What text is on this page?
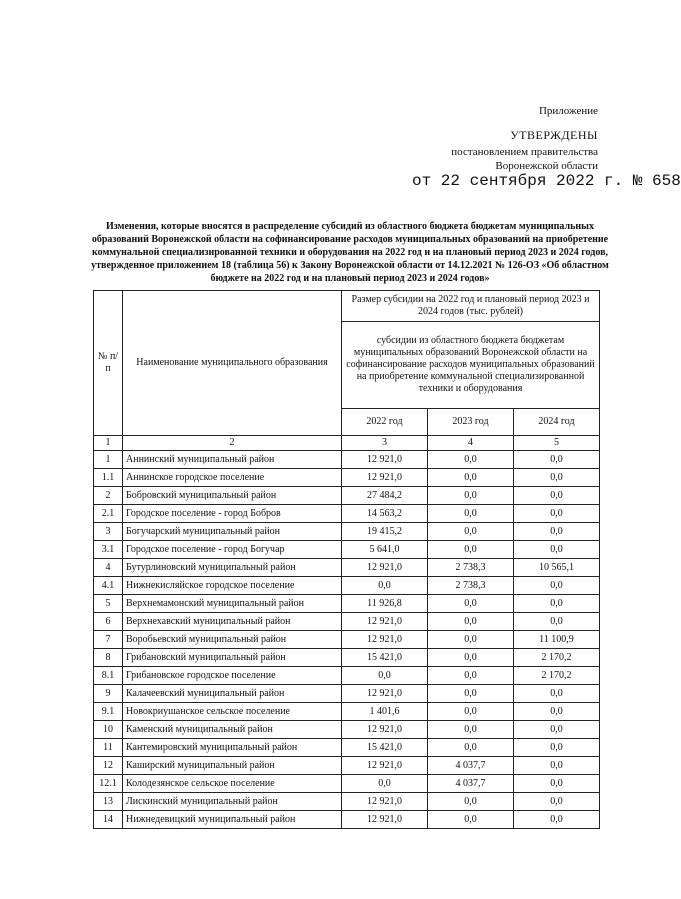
Приложение
УТВЕРЖДЕНЫ
постановлением правительства
Воронежской области
от 22 сентября 2022 г. № 658

Изменения, которые вносятся в распределение субсидий из областного бюджета бюджетам муниципальных образований Воронежской области на софинансирование расходов муниципальных образований на приобретение коммунальной специализированной техники и оборудования на 2022 год и на плановый период 2023 и 2024 годов, утвержденное приложением 18 (таблица 56) к Закону Воронежской области от 14.12.2021 № 126-ОЗ «Об областном бюджете на 2022 год и на плановый период 2023 и 2024 годов»

№ п/п	Наименование муниципального образования	Размер субсидии на 2022 год и плановый период 2023 и 2024 годов (тыс. рублей)		
		субсидии из областного бюджета бюджетам муниципальных образований Воронежской области на софинансирование расходов муниципальных образований на приобретение коммунальной специализированной техники и оборудования		
		2022 год	2023 год	2024 год
1	2	3	4	5
1	Аннинский муниципальный район	12 921,0	0,0	0,0
1.1	Аннинское городское поселение	12 921,0	0,0	0,0
2	Бобровский муниципальный район	27 484,2	0,0	0,0
2.1	Городское поселение - город Бобров	14 563,2	0,0	0,0
3	Богучарский муниципальный район	19 415,2	0,0	0,0
3.1	Городское поселение - город Богучар	5 641,0	0,0	0,0
4	Бутурлиновский муниципальный район	12 921,0	2 738,3	10 565,1
4.1	Нижнекисляйское городское поселение	0,0	2 738,3	0,0
5	Верхнемамонский муниципальный район	11 926,8	0,0	0,0
6	Верхнехавский муниципальный район	12 921,0	0,0	0,0
7	Воробьевский муниципальный район	12 921,0	0,0	11 100,9
8	Грибановский муниципальный район	15 421,0	0,0	2 170,2
8.1	Грибановское городское поселение	0,0	0,0	2 170,2
9	Калачеевский муниципальный район	12 921,0	0,0	0,0
9.1	Новокриушанское сельское поселение	1 401,6	0,0	0,0
10	Каменский муниципальный район	12 921,0	0,0	0,0
11	Кантемировский муниципальный район	15 421,0	0,0	0,0
12	Каширский муниципальный район	12 921,0	4 037,7	0,0
12.1	Колодезянское сельское поселение	0,0	4 037,7	0,0
13	Лискинский муниципальный район	12 921,0	0,0	0,0
14	Нижнедевицкий муниципальный район	12 921,0	0,0	0,0
